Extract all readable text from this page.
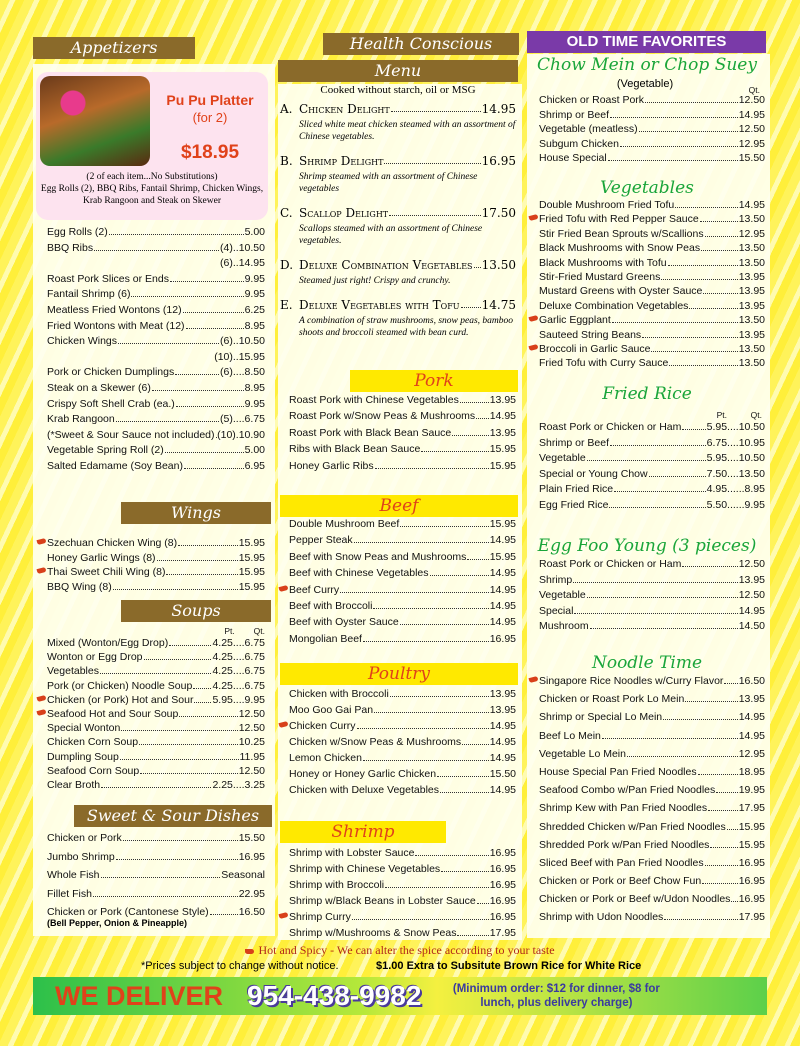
Appetizers
Pu Pu Platter
(for 2)
$18.95
(2 of each item...No Substitutions)
Egg Rolls (2), BBQ Ribs, Fantail Shrimp, Chicken Wings, Krab Rangoon and Steak on Skewer
Egg Rolls (2)	5.00
BBQ Ribs	(4)..10.50
(6)..14.95
Roast Pork Slices or Ends	9.95
Fantail Shrimp (6)	9.95
Meatless Fried Wontons (12)	6.25
Fried Wontons with Meat (12)	8.95
Chicken Wings	(6)..10.50
(10)..15.95
Pork or Chicken Dumplings	(6)....8.50
Steak on a Skewer (6)	8.95
Crispy Soft Shell Crab (ea.)	9.95
Krab Rangoon	(5)....6.75
(*Sweet & Sour Sauce not included) (10).10.90
Vegetable Spring Roll (2)	5.00
Salted Edamame (Soy Bean)	6.95
Wings
Szechuan Chicken Wing (8)	15.95
Honey Garlic Wings (8)	15.95
Thai Sweet Chili Wing (8)	15.95
BBQ Wing (8)	15.95
Soups
Pt. Qt.
Mixed (Wonton/Egg Drop)	4.25....6.75
Wonton or Egg Drop	4.25....6.75
Vegetables	4.25....6.75
Pork (or Chicken) Noodle Soup 4.25....6.75
Chicken (or Pork) Hot and Sour 5.95....9.95
Seafood Hot and Sour Soup	12.50
Special Wonton	12.50
Chicken Corn Soup	10.25
Dumpling Soup	11.95
Seafood Corn Soup	12.50
Clear Broth	2.25....3.25
Sweet & Sour Dishes
Chicken or Pork	15.50
Jumbo Shrimp	16.95
Whole Fish	Seasonal
Fillet Fish	22.95
Chicken or Pork (Cantonese Style)	16.50
(Bell Pepper, Onion & Pineapple)
Health Conscious
Menu
Cooked without starch, oil or MSG
A. Chicken Delight	14.95
Sliced white meat chicken steamed with an assortment of Chinese vegetables.
B. Shrimp Delight	16.95
Shrimp steamed with an assortment of Chinese vegetables
C. Scallop Delight	17.50
Scallops steamed with an assortment of Chinese vegetables.
D. Deluxe Combination Vegetables 13.50
Steamed just right! Crispy and crunchy.
E. Deluxe Vegetables with Tofu 14.75
A combination of straw mushrooms, snow peas, bamboo shoots and broccoli steamed with bean curd.
Pork
Roast Pork with Chinese Vegetables	13.95
Roast Pork w/Snow Peas & Mushrooms 14.95
Roast Pork with Black Bean Sauce	13.95
Ribs with Black Bean Sauce	15.95
Honey Garlic Ribs	15.95
Beef
Double Mushroom Beef	15.95
Pepper Steak	14.95
Beef with Snow Peas and Mushrooms 15.95
Beef with Chinese Vegetables	14.95
Beef Curry	14.95
Beef with Broccoli	14.95
Beef with Oyster Sauce	14.95
Mongolian Beef	16.95
Poultry
Chicken with Broccoli	13.95
Moo Goo Gai Pan	13.95
Chicken Curry	14.95
Chicken w/Snow Peas & Mushrooms	14.95
Lemon Chicken	14.95
Honey or Honey Garlic Chicken	15.50
Chicken with Deluxe Vegetables	14.95
Shrimp
Shrimp with Lobster Sauce	16.95
Shrimp with Chinese Vegetables	16.95
Shrimp with Broccoli	16.95
Shrimp w/Black Beans in Lobster Sauce 16.95
Shrimp Curry	16.95
Shrimp w/Mushrooms & Snow Peas	17.95
OLD TIME FAVORITES
Chow Mein or Chop Suey
(Vegetable)	Qt.
Chicken or Roast Pork	12.50
Shrimp or Beef	14.95
Vegetable (meatless)	12.50
Subgum Chicken	12.95
House Special	15.50
Vegetables
Double Mushroom Fried Tofu	14.95
Fried Tofu with Red Pepper Sauce	13.50
Stir Fried Bean Sprouts w/Scallions	12.95
Black Mushrooms with Snow Peas	13.50
Black Mushrooms with Tofu	13.50
Stir-Fried Mustard Greens	13.95
Mustard Greens with Oyster Sauce	13.95
Deluxe Combination Vegetables	13.95
Garlic Eggplant	13.50
Sauteed String Beans	13.95
Broccoli in Garlic Sauce	13.50
Fried Tofu with Curry Sauce	13.50
Fried Rice
Pt.	Qt.
Roast Pork or Chicken or Ham 5.95....10.50
Shrimp or Beef	6.75....10.95
Vegetable	5.95....10.50
Special or Young Chow	7.50....13.50
Plain Fried Rice	4.95......8.95
Egg Fried Rice	5.50......9.95
Egg Foo Young (3 pieces)
Roast Pork or Chicken or Ham	12.50
Shrimp	13.95
Vegetable	12.50
Special	14.95
Mushroom	14.50
Noodle Time
Singapore Rice Noodles w/Curry Flavor 16.50
Chicken or Roast Pork Lo Mein	13.95
Shrimp or Special Lo Mein	14.95
Beef Lo Mein	14.95
Vegetable Lo Mein	12.95
House Special Pan Fried Noodles	18.95
Seafood Combo w/Pan Fried Noodles 19.95
Shrimp Kew with Pan Fried Noodles	17.95
Shredded Chicken w/Pan Fried Noodles 15.95
Shredded Pork w/Pan Fried Noodles	15.95
Sliced Beef with Pan Fried Noodles	16.95
Chicken or Pork or Beef Chow Fun	16.95
Chicken or Pork or Beef w/Udon Noodles 16.95
Shrimp with Udon Noodles	17.95
Hot and Spicy - We can alter the spice according to your taste
*Prices subject to change without notice.	$1.00 Extra to Subsitute Brown Rice for White Rice
WE DELIVER 954-438-9982	(Minimum order: $12 for dinner, $8 for lunch, plus delivery charge)
